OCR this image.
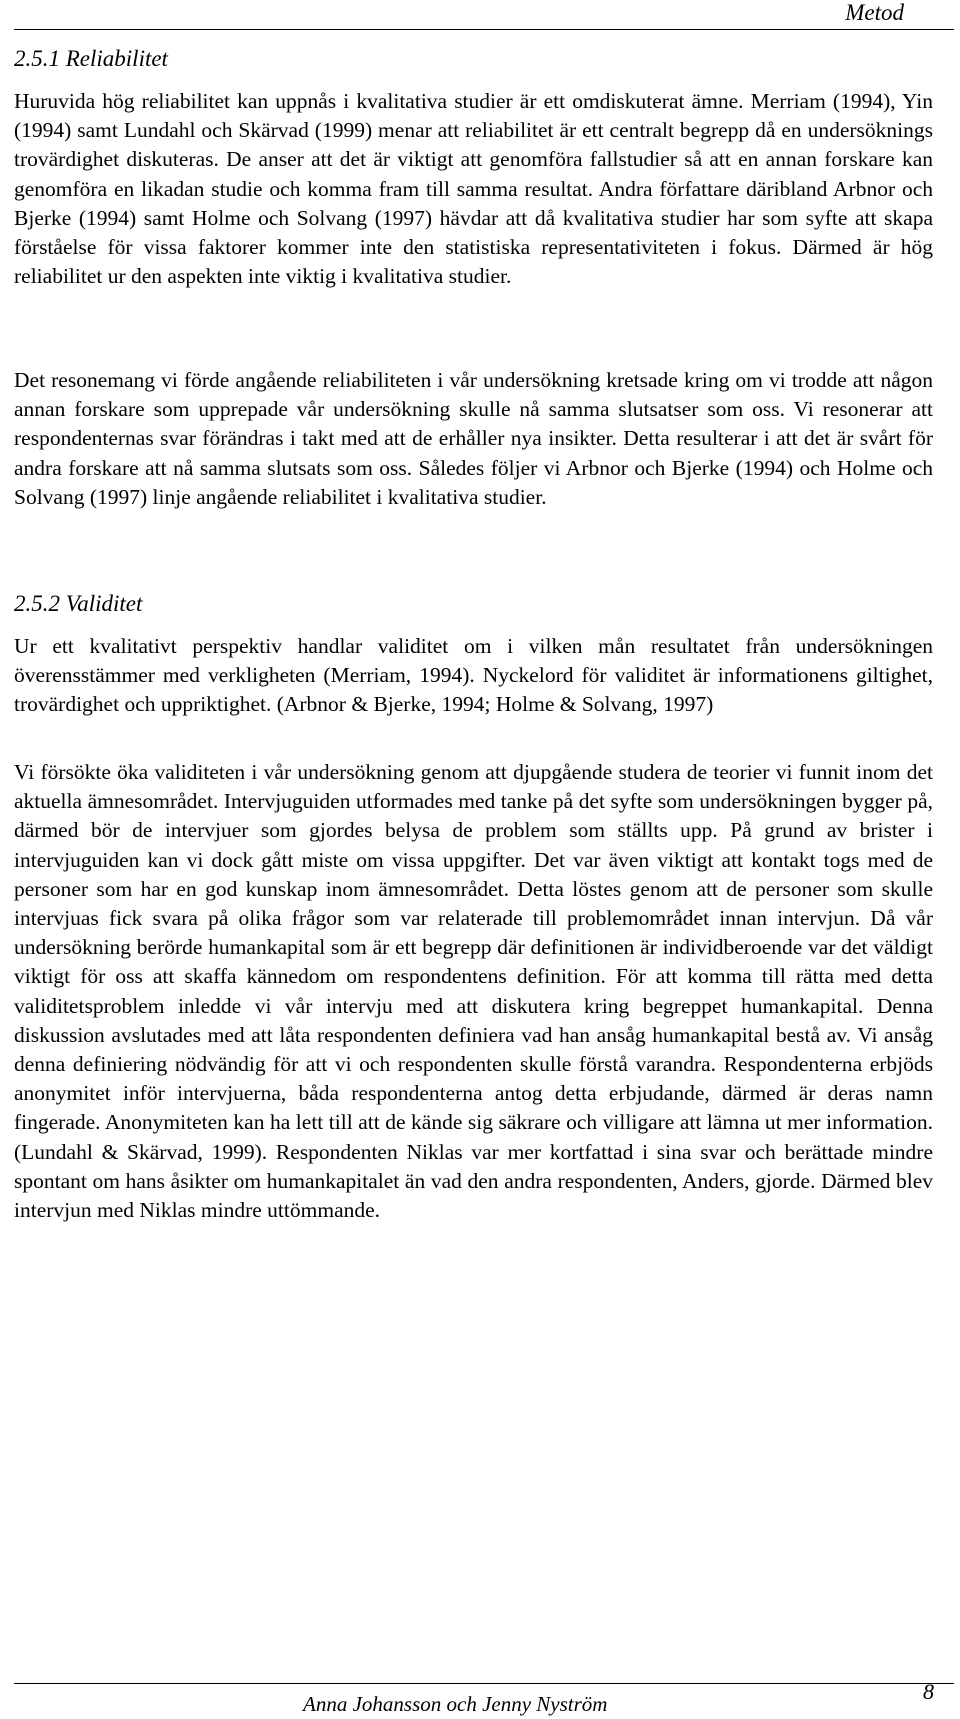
Metod
2.5.1 Reliabilitet

Huruvida hög reliabilitet kan uppnås i kvalitativa studier är ett omdiskuterat ämne. Merriam (1994), Yin (1994) samt Lundahl och Skärvad (1999) menar att reliabilitet är ett centralt begrepp då en undersöknings trovärdighet diskuteras. De anser att det är viktigt att genomföra fallstudier så att en annan forskare kan genomföra en likadan studie och komma fram till samma resultat. Andra författare däribland Arbnor och Bjerke (1994) samt Holme och Solvang (1997) hävdar att då kvalitativa studier har som syfte att skapa förståelse för vissa faktorer kommer inte den statistiska representativiteten i fokus. Därmed är hög reliabilitet ur den aspekten inte viktig i kvalitativa studier.

Det resonemang vi förde angående reliabiliteten i vår undersökning kretsade kring om vi trodde att någon annan forskare som upprepade vår undersökning skulle nå samma slutsatser som oss. Vi resonerar att respondenternas svar förändras i takt med att de erhåller nya insikter. Detta resulterar i att det är svårt för andra forskare att nå samma slutsats som oss. Således följer vi Arbnor och Bjerke (1994) och Holme och Solvang (1997) linje angående reliabilitet i kvalitativa studier.

2.5.2 Validitet

Ur ett kvalitativt perspektiv handlar validitet om i vilken mån resultatet från undersökningen överensstämmer med verkligheten (Merriam, 1994). Nyckelord för validitet är informationens giltighet, trovärdighet och uppriktighet. (Arbnor & Bjerke, 1994; Holme & Solvang, 1997)

Vi försökte öka validiteten i vår undersökning genom att djupgående studera de teorier vi funnit inom det aktuella ämnesområdet. Intervjuguiden utformades med tanke på det syfte som undersökningen bygger på, därmed bör de intervjuer som gjordes belysa de problem som ställts upp. På grund av brister i intervjuguiden kan vi dock gått miste om vissa uppgifter. Det var även viktigt att kontakt togs med de personer som har en god kunskap inom ämnesområdet. Detta löstes genom att de personer som skulle intervjuas fick svara på olika frågor som var relaterade till problemområdet innan intervjun. Då vår undersökning berörde humankapital som är ett begrepp där definitionen är individberoende var det väldigt viktigt för oss att skaffa kännedom om respondentens definition. För att komma till rätta med detta validitetsproblem inledde vi vår intervju med att diskutera kring begreppet humankapital. Denna diskussion avslutades med att låta respondenten definiera vad han ansåg humankapital bestå av. Vi ansåg denna definiering nödvändig för att vi och respondenten skulle förstå varandra. Respondenterna erbjöds anonymitet inför intervjuerna, båda respondenterna antog detta erbjudande, därmed är deras namn fingerade. Anonymiteten kan ha lett till att de kände sig säkrare och villigare att lämna ut mer information. (Lundahl & Skärvad, 1999). Respondenten Niklas var mer kortfattad i sina svar och berättade mindre spontant om hans åsikter om humankapitalet än vad den andra respondenten, Anders, gjorde. Därmed blev intervjun med Niklas mindre uttömmande.

Anna Johansson och Jenny Nyström	8
